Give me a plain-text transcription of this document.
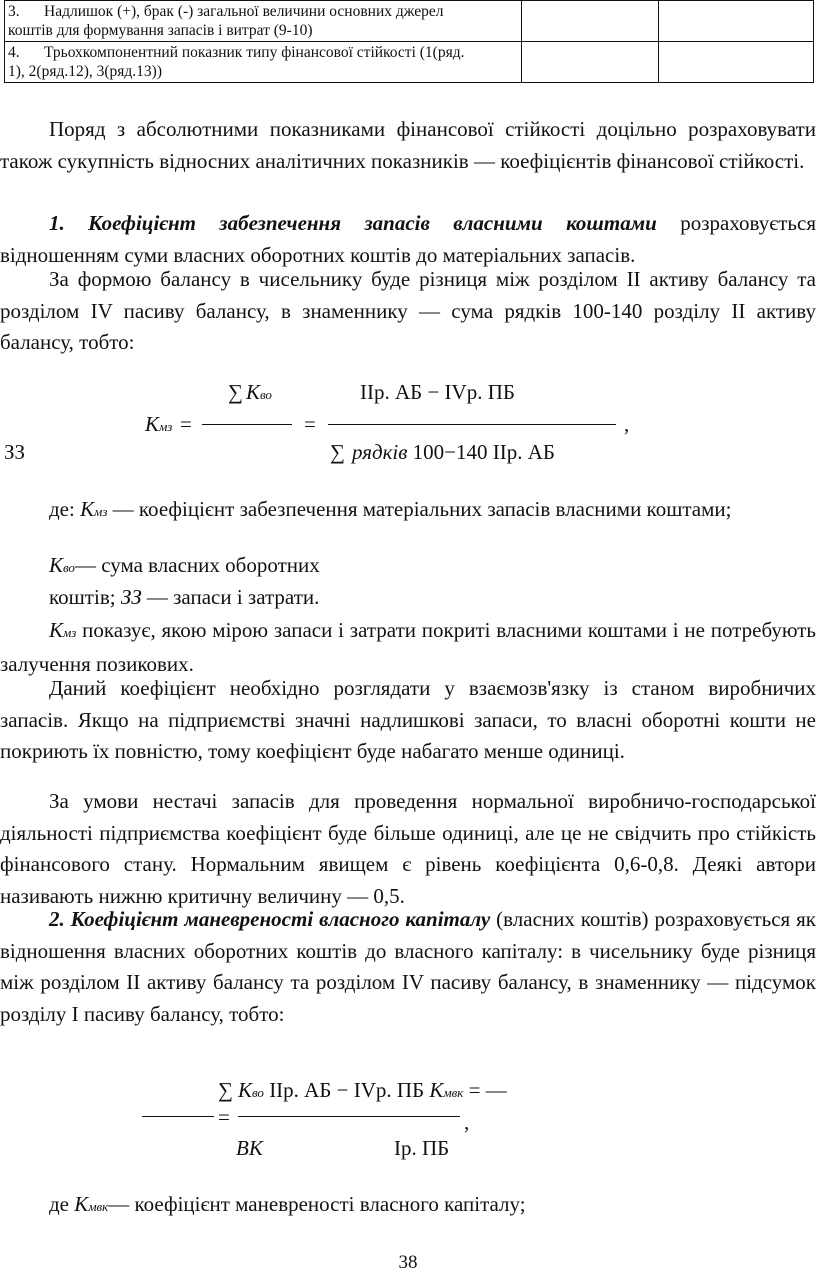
3. Надлишок (+), брак (-) загальної величини основних джерел
коштів для формування запасів і витрат (9-10)		
4. Трьохкомпонентний показник типу фінансової стійкості (1(ряд.
1), 2(ряд.12), 3(ряд.13))		

Поряд з абсолютними показниками фінансової стійкості доцільно розраховувати також сукупність відносних аналітичних показників — коефіцієнтів фінансової стійкості.

1. Коефіцієнт забезпечення запасів власними коштами розраховується відношенням суми власних оборотних коштів до матеріальних запасів.

За формою балансу в чисельнику буде різниця між розділом ІІ активу балансу та розділом IV пасиву балансу, в знаменнику — сума рядків 100-140 розділу ІІ активу балансу, тобто:

∑ Кво	ІІр. АБ − IVр. ПБ
Кмз =	=	,
ЗЗ	∑ рядків 100−140 ІІр. АБ

де: Кмз — коефіцієнт забезпечення матеріальних запасів власними коштами;

Кво— сума власних оборотних
коштів; ЗЗ — запаси і затрати.

Кмз показує, якою мірою запаси і затрати покриті власними коштами і не потребують залучення позикових.

Даний коефіцієнт необхідно розглядати у взаємозв'язку із станом виробничих запасів. Якщо на підприємстві значні надлишкові запаси, то власні оборотні кошти не покриють їх повністю, тому коефіцієнт буде набагато менше одиниці.

За умови нестачі запасів для проведення нормальної виробничо-господарської діяльності підприємства коефіцієнт буде більше одиниці, але це не свідчить про стійкість фінансового стану. Нормальним явищем є рівень коефіцієнта 0,6-0,8. Деякі автори називають нижню критичну величину — 0,5.

2. Коефіцієнт маневреності власного капіталу (власних коштів) розраховується як відношення власних оборотних коштів до власного капіталу: в чисельнику буде різниця між розділом ІІ активу балансу та розділом IV пасиву балансу, в знаменнику — підсумок розділу І пасиву балансу, тобто:

∑ Кво ІІр. АБ − IVр. ПБ Кмвк = —
=	,
ВК	Ір. ПБ
де Кмвк— коефіцієнт маневреності власного капіталу;
38
